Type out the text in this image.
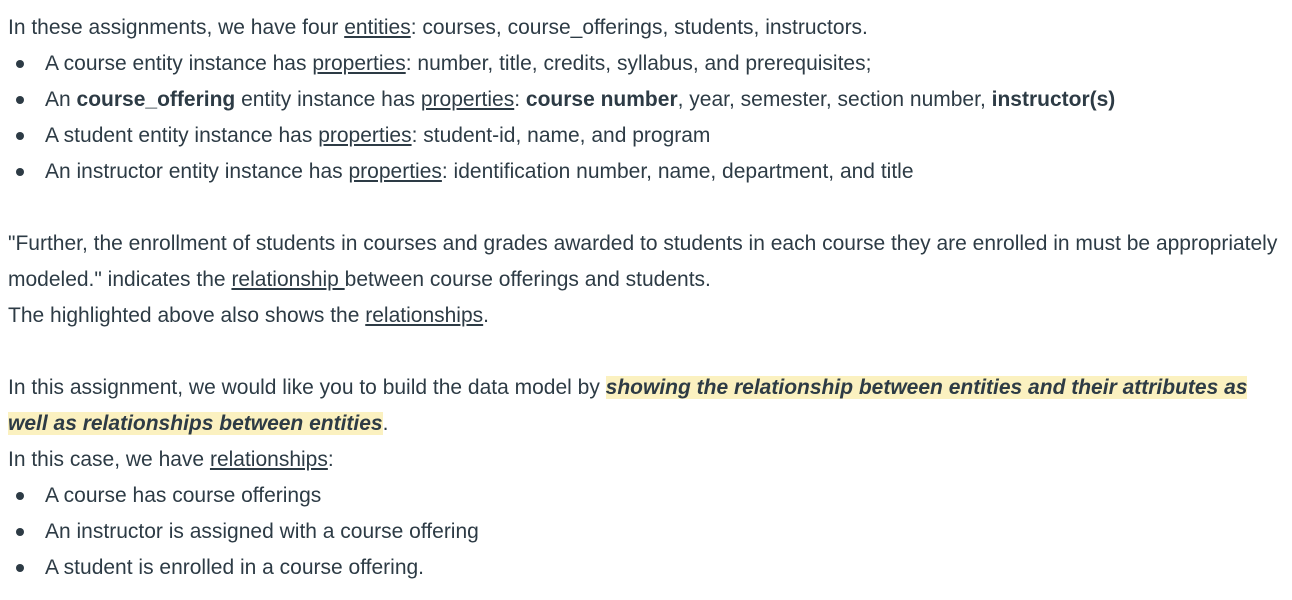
In these assignments, we have four entities: courses, course_offerings, students, instructors.

A course entity instance has properties: number, title, credits, syllabus, and prerequisites;
An course_offering entity instance has properties: course number, year, semester, section number, instructor(s)
A student entity instance has properties: student-id, name, and program
An instructor entity instance has properties: identification number, name, department, and title

"Further, the enrollment of students in courses and grades awarded to students in each course they are enrolled in must be appropriately modeled." indicates the relationship between course offerings and students.

The highlighted above also shows the relationships.

In this assignment, we would like you to build the data model by showing the relationship between entities and their attributes as well as relationships between entities.

In this case, we have relationships:

A course has course offerings
An instructor is assigned with a course offering
A student is enrolled in a course offering.
